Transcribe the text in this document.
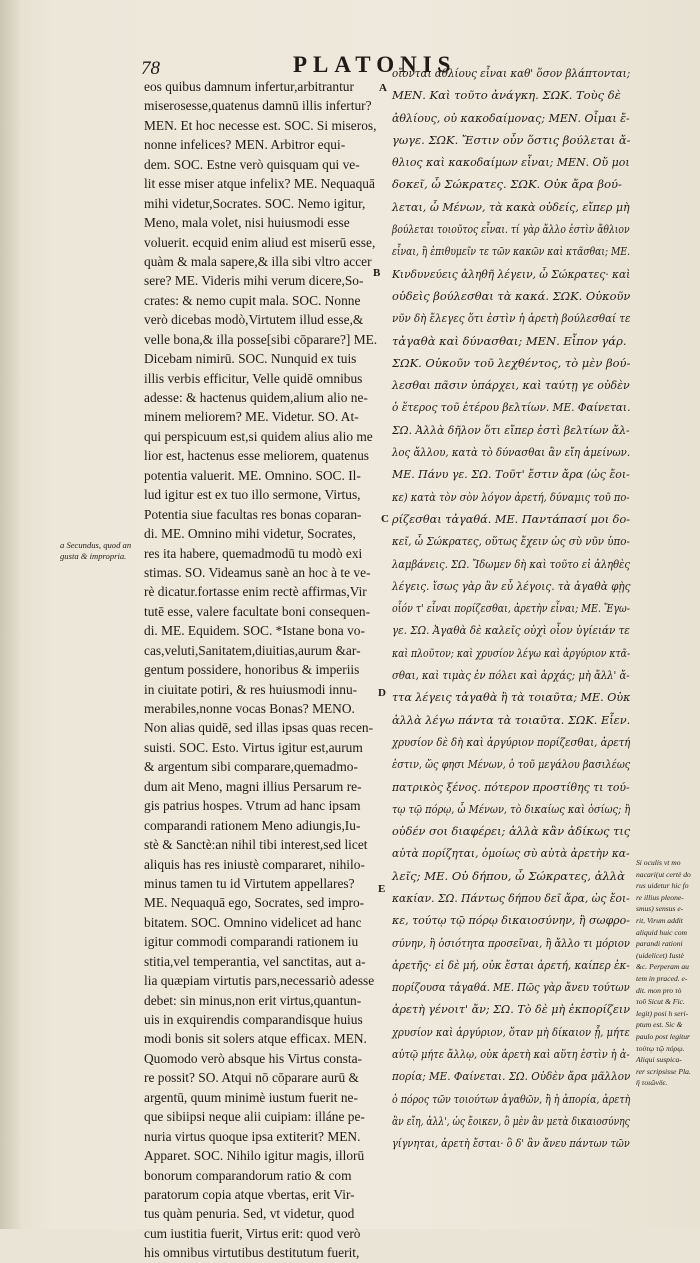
78	PLATONIS
eos quibus damnum infertur,arbitrantur
miserosesse,quatenus damnū illis infertur?
MEN. Et hoc necesse est. SOC. Si miseros,
nonne infelices? MEN. Arbitror equi-
dem. SOC. Estne verò quisquam qui ve-
lit esse miser atque infelix? ME. Nequaquā
mihi videtur,Socrates. SOC. Nemo igitur,
Meno, mala volet, nisi huiusmodi esse
voluerit. ecquid enim aliud est miserū esse,
quàm & mala sapere,& illa sibi vltro accer
sere? ME. Videris mihi verum dicere,So-
crates: & nemo cupit mala. SOC. Nonne
verò dicebas modò,Virtutem illud esse,&
velle bona,& illa posse[sibi cōparare?] ME.
Dicebam nimirū. SOC. Nunquid ex tuis
illis verbis efficitur, Velle quidē omnibus
adesse: & hactenus quidem,alium alio ne-
minem meliorem? ME. Videtur. SO. At-
qui perspicuum est,si quidem alius alio me
lior est, hactenus esse meliorem, quatenus
potentia valuerit. ME. Omnino. SOC. Il-
lud igitur est ex tuo illo sermone, Virtus,
Potentia siue facultas res bonas coparan-
di. ME. Omnino mihi videtur, Socrates,
res ita habere, quemadmodū tu modò exi
stimas. SO. Videamus sanè an hoc à te ve-
rè dicatur.fortasse enim rectè affirmas,Vir
tutē esse, valere facultate boni consequen-
di. ME. Equidem. SOC. *Istane bona vo-
cas,veluti,Sanitatem,diuitias,aurum &ar-
gentum possidere, honoribus & imperiis
in ciuitate potiri, & res huiusmodi innu-
merabiles,nonne vocas Bonas? MENO.
Non alias quidē, sed illas ipsas quas recen-
suisti. SOC. Esto. Virtus igitur est,aurum
& argentum sibi comparare,quemadmo-
dum ait Meno, magni illius Persarum re-
gis patrius hospes. Vtrum ad hanc ipsam
comparandi rationem Meno adiungis,Iu-
stè & Sanctè:an nihil tibi interest,sed licet
aliquis has res iniustè compararet, nihilo-
minus tamen tu id Virtutem appellares?
ME. Nequaquā ego, Socrates, sed impro-
bitatem. SOC. Omnino videlicet ad hanc
igitur commodi comparandi rationem iu
stitia,vel temperantia, vel sanctitas, aut a-
lia quæpiam virtutis pars,necessariò adesse
debet: sin minus,non erit virtus,quantun-
uis in exquirendis comparandisque huius
modi bonis sit solers atque efficax. MEN.
Quomodo verò absque his Virtus consta-
re possit? SO. Atqui nō cōparare aurū &
argentū, quum minimè iustum fuerit ne-
que sibiipsi neque alii cuipiam: illáne pe-
nuria virtus quoque ipsa extiterit? MEN.
Apparet. SOC. Nihilo igitur magis, illorū
bonorum comparandorum ratio & com
paratorum copia atque vbertas, erit Vir-
tus quàm penuria. Sed, vt videtur, quod
cum iustitia fuerit, Virtus erit: quod verò
his omnibus virtutibus destitutum fuerit,
οἴονται ἀθλίους εἶναι καθ' ὅσον βλάπτονται;
ΜΕΝ. Καὶ τοῦτο ἀνάγκη. ΣΩΚ. Τοὺς δὲ
ἀθλίους, οὐ κακοδαίμονας; ΜΕΝ. Οἶμαι ἔ-
γωγε. ΣΩΚ. Ἔστιν οὖν ὅστις βούλεται ἄ-
θλιος καὶ κακοδαίμων εἶναι; ΜΕΝ. Οὔ μοι
δοκεῖ, ὦ Σώκρατες. ΣΩΚ. Οὐκ ἄρα βού-
λεται, ὦ Μένων, τὰ κακὰ οὐδείς, εἴπερ μὴ
βούλεται τοιοῦτος εἶναι. τί γὰρ ἄλλο ἐστὶν ἄθλιον
εἶναι, ἢ ἐπιθυμεῖν τε τῶν κακῶν καὶ κτᾶσθαι; ΜΕ.
Κινδυνεύεις ἀληθῆ λέγειν, ὦ Σώκρατες· καὶ
οὐδεὶς βούλεσθαι τὰ κακά. ΣΩΚ. Οὐκοῦν
νῦν δὴ ἔλεγες ὅτι ἐστὶν ἡ ἀρετὴ βούλεσθαί τε
τἀγαθὰ καὶ δύνασθαι; ΜΕΝ. Εἶπον γάρ.
ΣΩΚ. Οὐκοῦν τοῦ λεχθέντος, τὸ μὲν βού-
λεσθαι πᾶσιν ὑπάρχει, καὶ ταύτῃ γε οὐδὲν
ὁ ἕτερος τοῦ ἑτέρου βελτίων. ΜΕ. Φαίνεται.
ΣΩ. Ἀλλὰ δῆλον ὅτι εἴπερ ἐστὶ βελτίων ἄλ-
λος ἄλλου, κατὰ τὸ δύνασθαι ἂν εἴη ἀμείνων.
ΜΕ. Πάνυ γε. ΣΩ. Τοῦτ' ἔστιν ἄρα (ὡς ἔοι-
κε) κατὰ τὸν σὸν λόγον ἀρετή, δύναμις τοῦ πο-
ρίζεσθαι τἀγαθά. ΜΕ. Παντάπασί μοι δο-
κεῖ, ὦ Σώκρατες, οὕτως ἔχειν ὡς σὺ νῦν ὑπο-
λαμβάνεις. ΣΩ. Ἴδωμεν δὴ καὶ τοῦτο εἰ ἀληθὲς
λέγεις. ἴσως γὰρ ἂν εὖ λέγοις. τὰ ἀγαθὰ φῂς
οἷόν τ' εἶναι πορίζεσθαι, ἀρετὴν εἶναι; ΜΕ. Ἔγω-
γε. ΣΩ. Ἀγαθὰ δὲ καλεῖς οὐχὶ οἷον ὑγίειάν τε
καὶ πλοῦτον; καὶ χρυσίον λέγω καὶ ἀργύριον κτᾶ-
σθαι, καὶ τιμὰς ἐν πόλει καὶ ἀρχάς; μὴ ἄλλ' ἄ-
ττα λέγεις τἀγαθὰ ἢ τὰ τοιαῦτα; ΜΕ. Οὐκ
ἀλλὰ λέγω πάντα τὰ τοιαῦτα. ΣΩΚ. Εἶεν.
χρυσίον δὲ δὴ καὶ ἀργύριον πορίζεσθαι, ἀρετή
ἐστιν, ὥς φησι Μένων, ὁ τοῦ μεγάλου βασιλέως
πατρικὸς ξένος. πότερον προστίθης τι τού-
τῳ τῷ πόρῳ, ὦ Μένων, τὸ δικαίως καὶ ὁσίως; ἢ
οὐδέν σοι διαφέρει; ἀλλὰ κἂν ἀδίκως τις
αὐτὰ πορίζηται, ὁμοίως σὺ αὐτὰ ἀρετὴν κα-
λεῖς; ΜΕ. Οὐ δήπου, ὦ Σώκρατες, ἀλλὰ
κακίαν. ΣΩ. Πάντως δήπου δεῖ ἄρα, ὡς ἔοι-
κε, τούτῳ τῷ πόρῳ δικαιοσύνην, ἢ σωφρο-
σύνην, ἢ ὁσιότητα προσεῖναι, ἢ ἄλλο τι μόριον
ἀρετῆς· εἰ δὲ μή, οὐκ ἔσται ἀρετή, καίπερ ἐκ-
πορίζουσα τἀγαθά. ΜΕ. Πῶς γὰρ ἄνευ τούτων
ἀρετὴ γένοιτ' ἄν; ΣΩ. Τὸ δὲ μὴ ἐκπορίζειν
χρυσίον καὶ ἀργύριον, ὅταν μὴ δίκαιον ᾖ, μήτε
αὐτῷ μήτε ἄλλῳ, οὐκ ἀρετὴ καὶ αὕτη ἐστὶν ἡ ἀ-
πορία; ΜΕ. Φαίνεται. ΣΩ. Οὐδὲν ἄρα μᾶλλον
ὁ πόρος τῶν τοιούτων ἀγαθῶν, ἢ ἡ ἀπορία, ἀρετὴ
ἂν εἴη, ἀλλ', ὡς ἔοικεν, ὃ μὲν ἂν μετὰ δικαιοσύνης
γίγνηται, ἀρετὴ ἔσται· ὃ δ' ἂν ἄνευ πάντων τῶν
A
B
C
D
E
a Secundus, quod an
gusta & impropria.
Si oculis vt mo
nacari(ut certè do
rus uidetur hic fo
re illius pleone-
smus) sensus e-
rit, Virum addit
aliquid huic com
parandi rationi
(uidelicet) Iustè
&c. Perperam au
tem in praced. e-
dit. mon pro τὸ
τοῦ Sicut & Fic.
legit) posi h seri-
ptum est. Sic &
paulo post legitur
τούτῳ τῷ πόρῳ.
Aliqui suspica-
rer scripsisse Pla.
ἢ τοιῶνδε.
